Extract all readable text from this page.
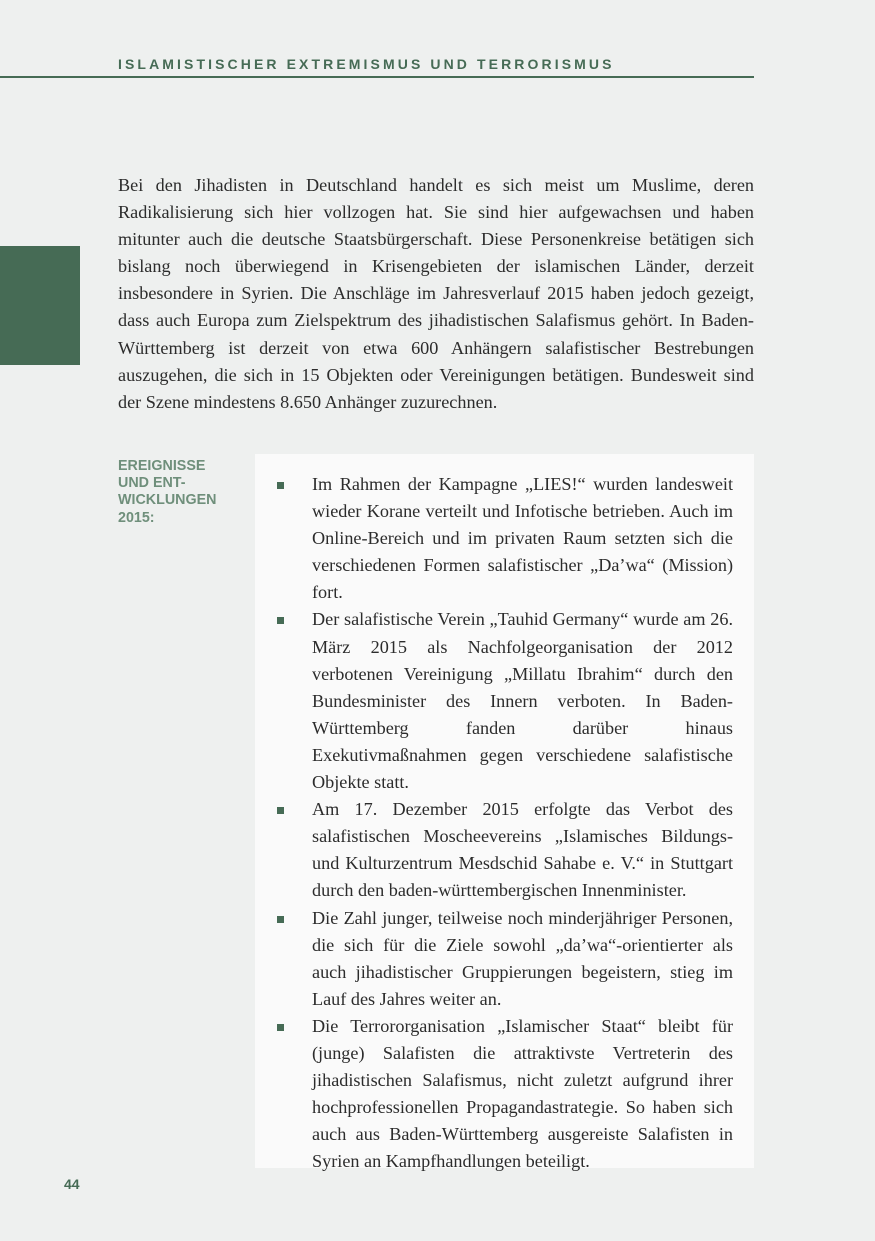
ISLAMISTISCHER EXTREMISMUS UND TERRORISMUS

Bei den Jihadisten in Deutschland handelt es sich meist um Muslime, deren Radikalisierung sich hier vollzogen hat. Sie sind hier aufgewachsen und haben mitunter auch die deutsche Staatsbürgerschaft. Diese Personenkreise betätigen sich bislang noch überwiegend in Krisengebieten der islamischen Länder, derzeit insbesondere in Syrien. Die Anschläge im Jahresverlauf 2015 haben jedoch gezeigt, dass auch Europa zum Zielspektrum des jihadistischen Salafismus gehört. In Baden-Württemberg ist derzeit von etwa 600 Anhängern salafistischer Bestrebungen auszugehen, die sich in 15 Objekten oder Vereinigungen betätigen. Bundesweit sind der Szene mindestens 8.650 Anhänger zuzurechnen.

EREIGNISSE
UND ENT-
WICKLUNGEN
2015:
Im Rahmen der Kampagne „LIES!“ wurden landesweit wieder Korane verteilt und Infotische betrieben. Auch im Online-Bereich und im privaten Raum setzten sich die verschiedenen Formen salafistischer „Da’wa“ (Mission) fort.
Der salafistische Verein „Tauhid Germany“ wurde am 26. März 2015 als Nachfolgeorganisation der 2012 verbotenen Vereinigung „Millatu Ibrahim“ durch den Bundesminister des Innern verboten. In Baden-Württemberg fanden darüber hinaus Exekutivmaßnahmen gegen verschiedene salafistische Objekte statt.
Am 17. Dezember 2015 erfolgte das Verbot des salafistischen Moscheevereins „Islamisches Bildungs- und Kulturzentrum Mesdschid Sahabe e. V.“ in Stuttgart durch den baden-württembergischen Innenminister.
Die Zahl junger, teilweise noch minderjähriger Personen, die sich für die Ziele sowohl „da’wa“-orientierter als auch jihadistischer Gruppierungen begeistern, stieg im Lauf des Jahres weiter an.
Die Terrororganisation „Islamischer Staat“ bleibt für (junge) Salafisten die attraktivste Vertreterin des jihadistischen Salafismus, nicht zuletzt aufgrund ihrer hochprofessionellen Propagandastrategie. So haben sich auch aus Baden-Württemberg ausgereiste Salafisten in Syrien an Kampfhandlungen beteiligt.
44
